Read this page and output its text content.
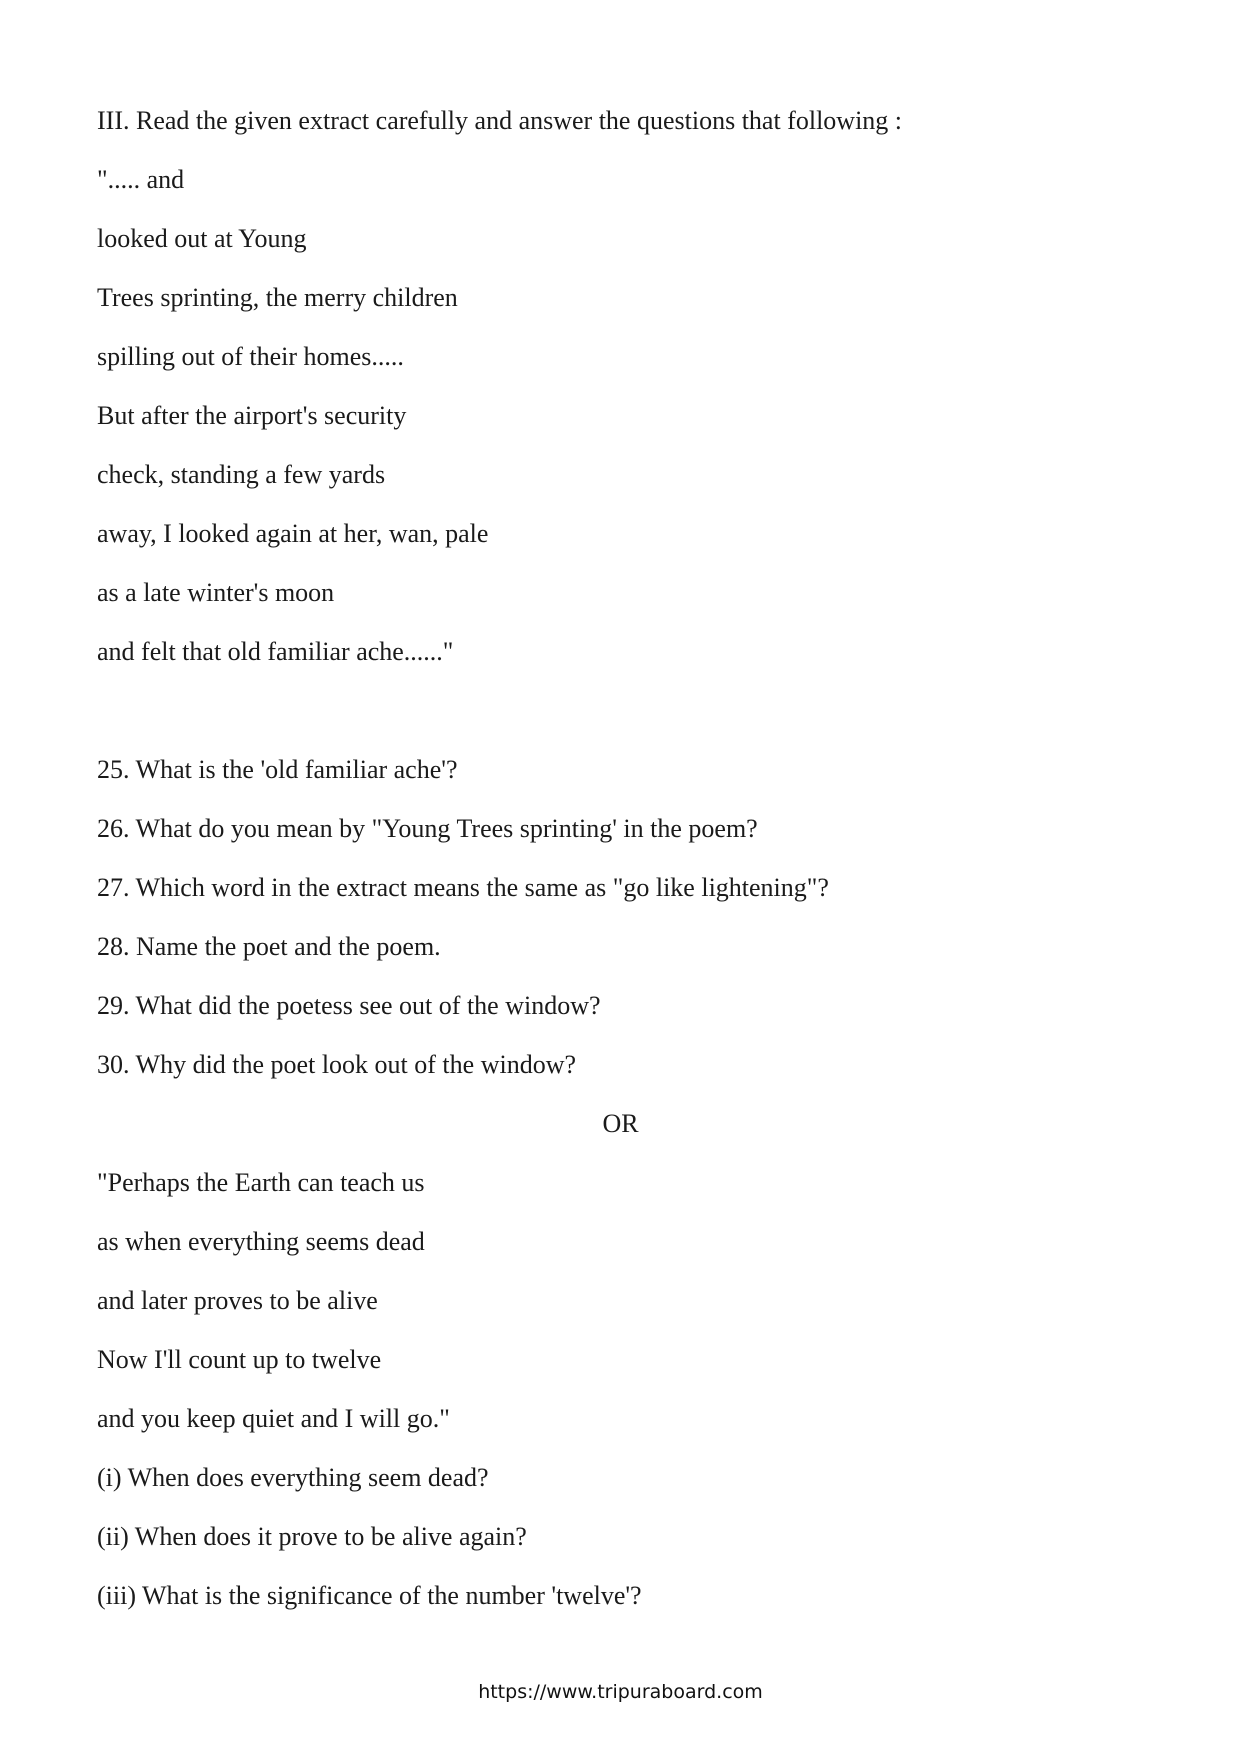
III. Read the given extract carefully and answer the questions that following :
"..... and
looked out at Young
Trees sprinting, the merry children
spilling out of their homes.....
But after the airport's security
check, standing a few yards
away, I looked again at her, wan, pale
as a late winter's moon
and felt that old familiar ache......"
25. What is the 'old familiar ache'?
26. What do you mean by "Young Trees sprinting' in the poem?
27. Which word in the extract means the same as "go like lightening"?
28. Name the poet and the poem.
29. What did the poetess see out of the window?
30. Why did the poet look out of the window?
OR
"Perhaps the Earth can teach us
as when everything seems dead
and later proves to be alive
Now I'll count up to twelve
and you keep quiet and I will go."
(i) When does everything seem dead?
(ii) When does it prove to be alive again?
(iii) What is the significance of the number 'twelve'?
https://www.tripuraboard.com
